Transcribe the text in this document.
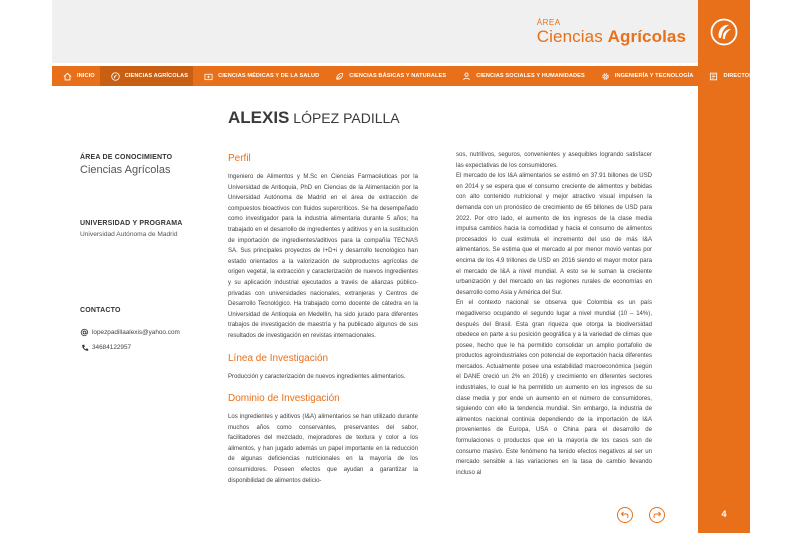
ÁREA
Ciencias Agrícolas
4
INICIO	CIENCIAS AGRÍCOLAS	CIENCIAS MÉDICAS Y DE LA SALUD	CIENCIAS BÁSICAS Y NATURALES	CIENCIAS SOCIALES Y HUMANIDADES	INGENIERÍA Y TECNOLOGÍA	DIRECTORIO
ALEXIS LÓPEZ PADILLA
ÁREA DE CONOCIMIENTO
Ciencias Agrícolas
UNIVERSIDAD Y PROGRAMA
Universidad Autónoma de Madrid
CONTACTO
lopezpadillaalexis@yahoo.com
34684122957
Perfil

Ingeniero de Alimentos y M.Sc en Ciencias Farmacéuticas por la Universidad de Antioquia, PhD en Ciencias de la Alimentación por la Universidad Autónoma de Madrid en el área de extracción de compuestos bioactivos con fluidos supercríticos. Se ha desempeñado como investigador para la industria alimentaria durante 5 años; ha trabajado en el desarrollo de ingredientes y aditivos y en la sustitución de importación de ingredientes/aditivos para la compañía TECNAS SA. Sus principales proyectos de I+D+i y desarrollo tecnológico han estado orientados a la valorización de subproductos agrícolas de origen vegetal, la extracción y caracterización de nuevos ingredientes y su aplicación industrial ejecutados a través de alianzas público-privadas con universidades nacionales, extranjeras y Centros de Desarrollo Tecnológico. Ha trabajado como docente de cátedra en la Universidad de Antioquia en Medellín, ha sido jurado para diferentes trabajos de investigación de maestría y ha publicado algunos de sus resultados de investigación en revistas internacionales.

Línea de Investigación

Producción y caracterización de nuevos ingredientes alimentarios.

Dominio de Investigación

Los ingredientes y aditivos (I&A) alimentarios se han utilizado durante muchos años como conservantes, preservantes del sabor, facilitadores del mezclado, mejoradores de textura y color a los alimentos, y han jugado además un papel importante en la reducción de algunas deficiencias nutricionales en la mayoría de los consumidores. Poseen efectos que ayudan a garantizar la disponibilidad de alimentos delicio-

sos, nutritivos, seguros, convenientes y asequibles logrando satisfacer las expectativas de los consumidores.

El mercado de los I&A alimentarios se estimó en 37.91 billones de USD en 2014 y se espera que el consumo creciente de alimentos y bebidas con alto contenido nutricional y mejor atractivo visual impulsen la demanda con un pronóstico de crecimiento de 65 billones de USD para 2022. Por otro lado, el aumento de los ingresos de la clase media impulsa cambios hacia la comodidad y hacia el consumo de alimentos procesados lo cual estimula el incremento del uso de más I&A alimentarios. Se estima que el mercado al por menor movió ventas por encima de los 4.9 trillones de USD en 2016 siendo el mayor motor para el mercado de I&A a nivel mundial. A esto se le suman la creciente urbanización y del mercado en las regiones rurales de economías en desarrollo como Asia y América del Sur.

En el contexto nacional se observa que Colombia es un país megadiverso ocupando el segundo lugar a nivel mundial (10 – 14%), después del Brasil. Esta gran riqueza que otorga la biodiversidad obedece en parte a su posición geográfica y a la variedad de climas que posee, hecho que le ha permitido consolidar un amplio portafolio de productos agroindustriales con potencial de exportación hacia diferentes mercados. Actualmente posee una estabilidad macroeconómica (según el DANE creció un 2% en 2016) y crecimiento en diferentes sectores industriales, lo cual le ha permitido un aumento en los ingresos de su clase media y por ende un aumento en el número de consumidores, siguiendo con ello la tendencia mundial. Sin embargo, la industria de alimentos nacional continúa dependiendo de la importación de I&A provenientes de Europa, USA o China para el desarrollo de formulaciones o productos que en la mayoría de los casos son de consumo masivo. Este fenómeno ha tenido efectos negativos al ser un mercado sensible a las variaciones en la tasa de cambio llevando incluso al
